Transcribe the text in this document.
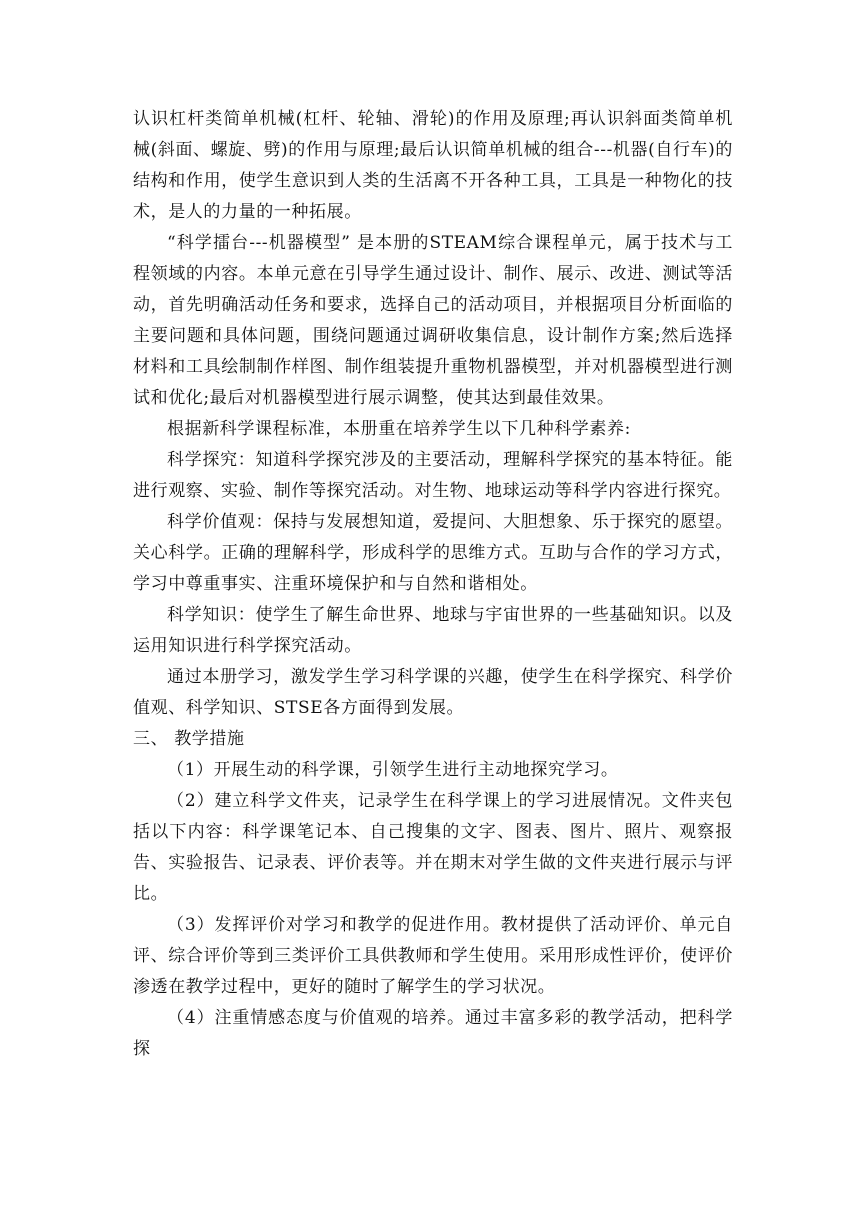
认识杠杆类简单机械(杠杆、轮轴、滑轮)的作用及原理;再认识斜面类简单机械(斜面、螺旋、劈)的作用与原理;最后认识简单机械的组合---机器(自行车)的结构和作用，使学生意识到人类的生活离不开各种工具，工具是一种物化的技术，是人的力量的一种拓展。

“科学擂台---机器模型” 是本册的STEAM综合课程单元，属于技术与工程领域的内容。本单元意在引导学生通过设计、制作、展示、改进、测试等活动，首先明确活动任务和要求，选择自己的活动项目，并根据项目分析面临的主要问题和具体问题，围绕问题通过调研收集信息，设计制作方案;然后选择材料和工具绘制制作样图、制作组装提升重物机器模型，并对机器模型进行测试和优化;最后对机器模型进行展示调整，使其达到最佳效果。

根据新科学课程标准，本册重在培养学生以下几种科学素养:

科学探究：知道科学探究涉及的主要活动，理解科学探究的基本特征。能进行观察、实验、制作等探究活动。对生物、地球运动等科学内容进行探究。

科学价值观：保持与发展想知道，爱提问、大胆想象、乐于探究的愿望。关心科学。正确的理解科学，形成科学的思维方式。互助与合作的学习方式，学习中尊重事实、注重环境保护和与自然和谐相处。

科学知识：使学生了解生命世界、地球与宇宙世界的一些基础知识。以及运用知识进行科学探究活动。

通过本册学习，激发学生学习科学课的兴趣，使学生在科学探究、科学价值观、科学知识、STSE各方面得到发展。

三、 教学措施

（1）开展生动的科学课，引领学生进行主动地探究学习。

（2）建立科学文件夹，记录学生在科学课上的学习进展情况。文件夹包括以下内容：科学课笔记本、自己搜集的文字、图表、图片、照片、观察报告、实验报告、记录表、评价表等。并在期末对学生做的文件夹进行展示与评比。

（3）发挥评价对学习和教学的促进作用。教材提供了活动评价、单元自评、综合评价等到三类评价工具供教师和学生使用。采用形成性评价，使评价渗透在教学过程中，更好的随时了解学生的学习状况。

（4）注重情感态度与价值观的培养。通过丰富多彩的教学活动，把科学探
